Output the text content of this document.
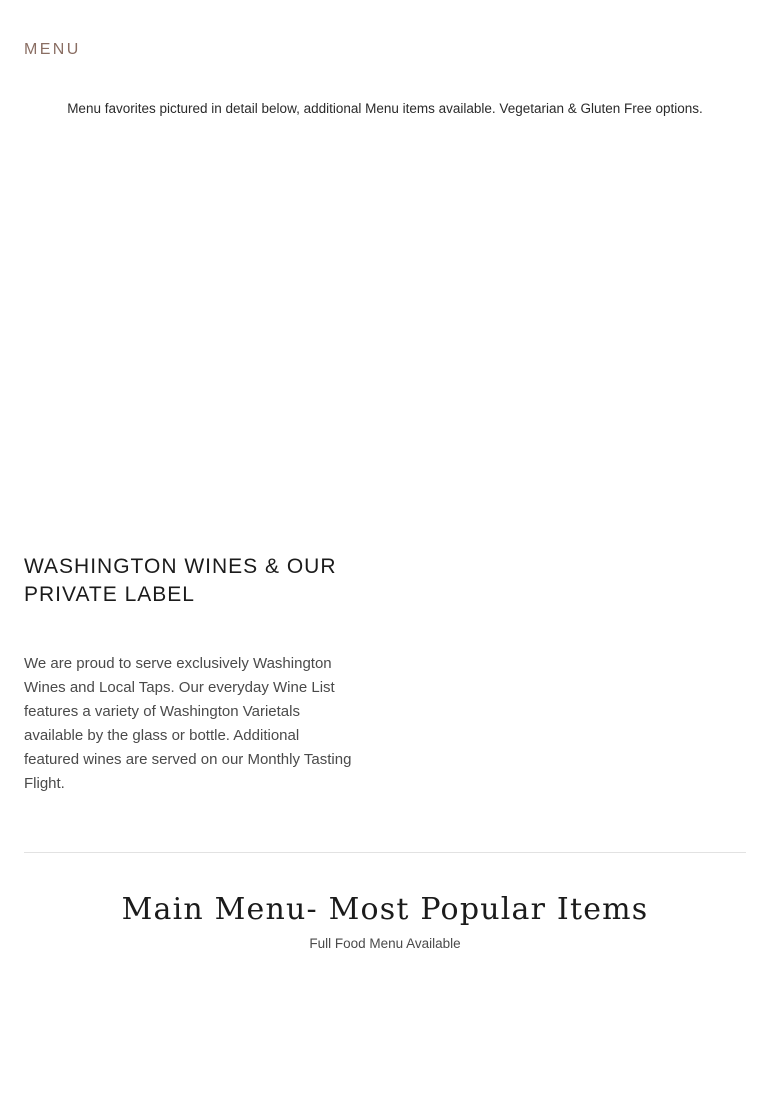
MENU
Menu favorites pictured in detail below, additional Menu items available. Vegetarian & Gluten Free options.
WASHINGTON WINES & OUR PRIVATE LABEL

We are proud to serve exclusively Washington Wines and Local Taps. Our everyday Wine List features a variety of Washington Varietals available by the glass or bottle. Additional featured wines are served on our Monthly Tasting Flight.

Main Menu- Most Popular Items
Full Food Menu Available
